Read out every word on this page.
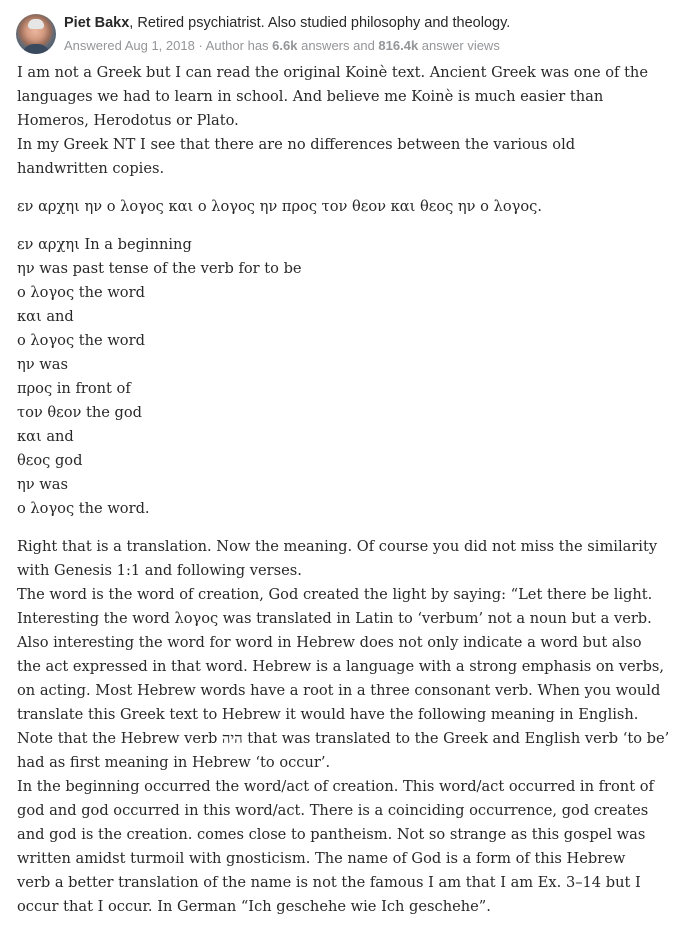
Piet Bakx, Retired psychiatrist. Also studied philosophy and theology.
Answered Aug 1, 2018 · Author has 6.6k answers and 816.4k answer views

I am not a Greek but I can read the original Koinè text. Ancient Greek was one of the

languages we had to learn in school. And believe me Koinè is much easier than

Homeros, Herodotus or Plato.

In my Greek NT I see that there are no differences between the various old

handwritten copies.

εν αρχηι ην ο λογος και ο λογος ην προς τον θεον και θεος ην ο λογος.

εν αρχηι In a beginning

ην was past tense of the verb for to be

ο λογος the word

και and

ο λογος the word

ην was

προς in front of

τον θεον the god

και and

θεος god

ην was

ο λογος the word.

Right that is a translation. Now the meaning. Of course you did not miss the similarity

with Genesis 1:1 and following verses.

The word is the word of creation, God created the light by saying: “Let there be light.

Interesting the word λογος was translated in Latin to ‘verbum’ not a noun but a verb.

Also interesting the word for word in Hebrew does not only indicate a word but also

the act expressed in that word. Hebrew is a language with a strong emphasis on verbs,

on acting. Most Hebrew words have a root in a three consonant verb. When you would

translate this Greek text to Hebrew it would have the following meaning in English.

Note that the Hebrew verb היה that was translated to the Greek and English verb ‘to be’

had as first meaning in Hebrew ‘to occur’.

In the beginning occurred the word/act of creation. This word/act occurred in front of

god and god occurred in this word/act. There is a coinciding occurrence, god creates

and god is the creation. comes close to pantheism. Not so strange as this gospel was

written amidst turmoil with gnosticism. The name of God is a form of this Hebrew

verb a better translation of the name is not the famous I am that I am Ex. 3–14 but I

occur that I occur. In German “Ich geschehe wie Ich geschehe”.
